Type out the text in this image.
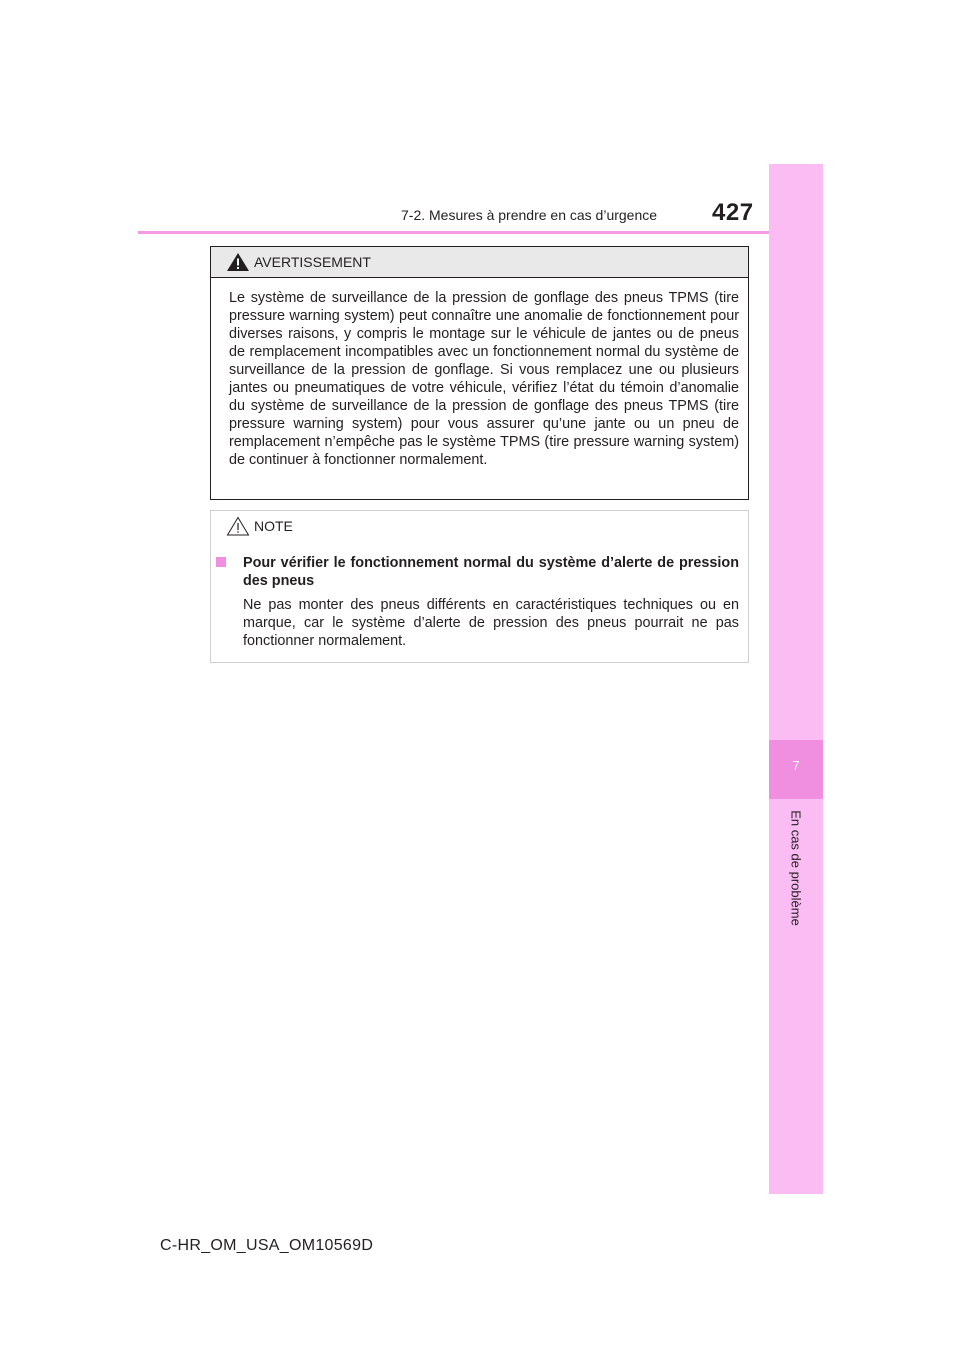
7-2. Mesures à prendre en cas d’urgence 427
7
En cas de problème
AVERTISSEMENT
Le système de surveillance de la pression de gonflage des pneus TPMS (tire pressure warning system) peut connaître une anomalie de fonctionnement pour diverses raisons, y compris le montage sur le véhicule de jantes ou de pneus de remplacement incompatibles avec un fonctionnement normal du système de surveillance de la pression de gonflage. Si vous remplacez une ou plusieurs jantes ou pneumatiques de votre véhicule, vérifiez l’état du témoin d’anomalie du système de surveillance de la pression de gonflage des pneus TPMS (tire pressure warning system) pour vous assurer qu’une jante ou un pneu de remplacement n’empêche pas le système TPMS (tire pressure warning system) de continuer à fonctionner normalement.
NOTE
Pour vérifier le fonctionnement normal du système d’alerte de pression des pneus
Ne pas monter des pneus différents en caractéristiques techniques ou en marque, car le système d’alerte de pression des pneus pourrait ne pas fonctionner normalement.
C-HR_OM_USA_OM10569D
